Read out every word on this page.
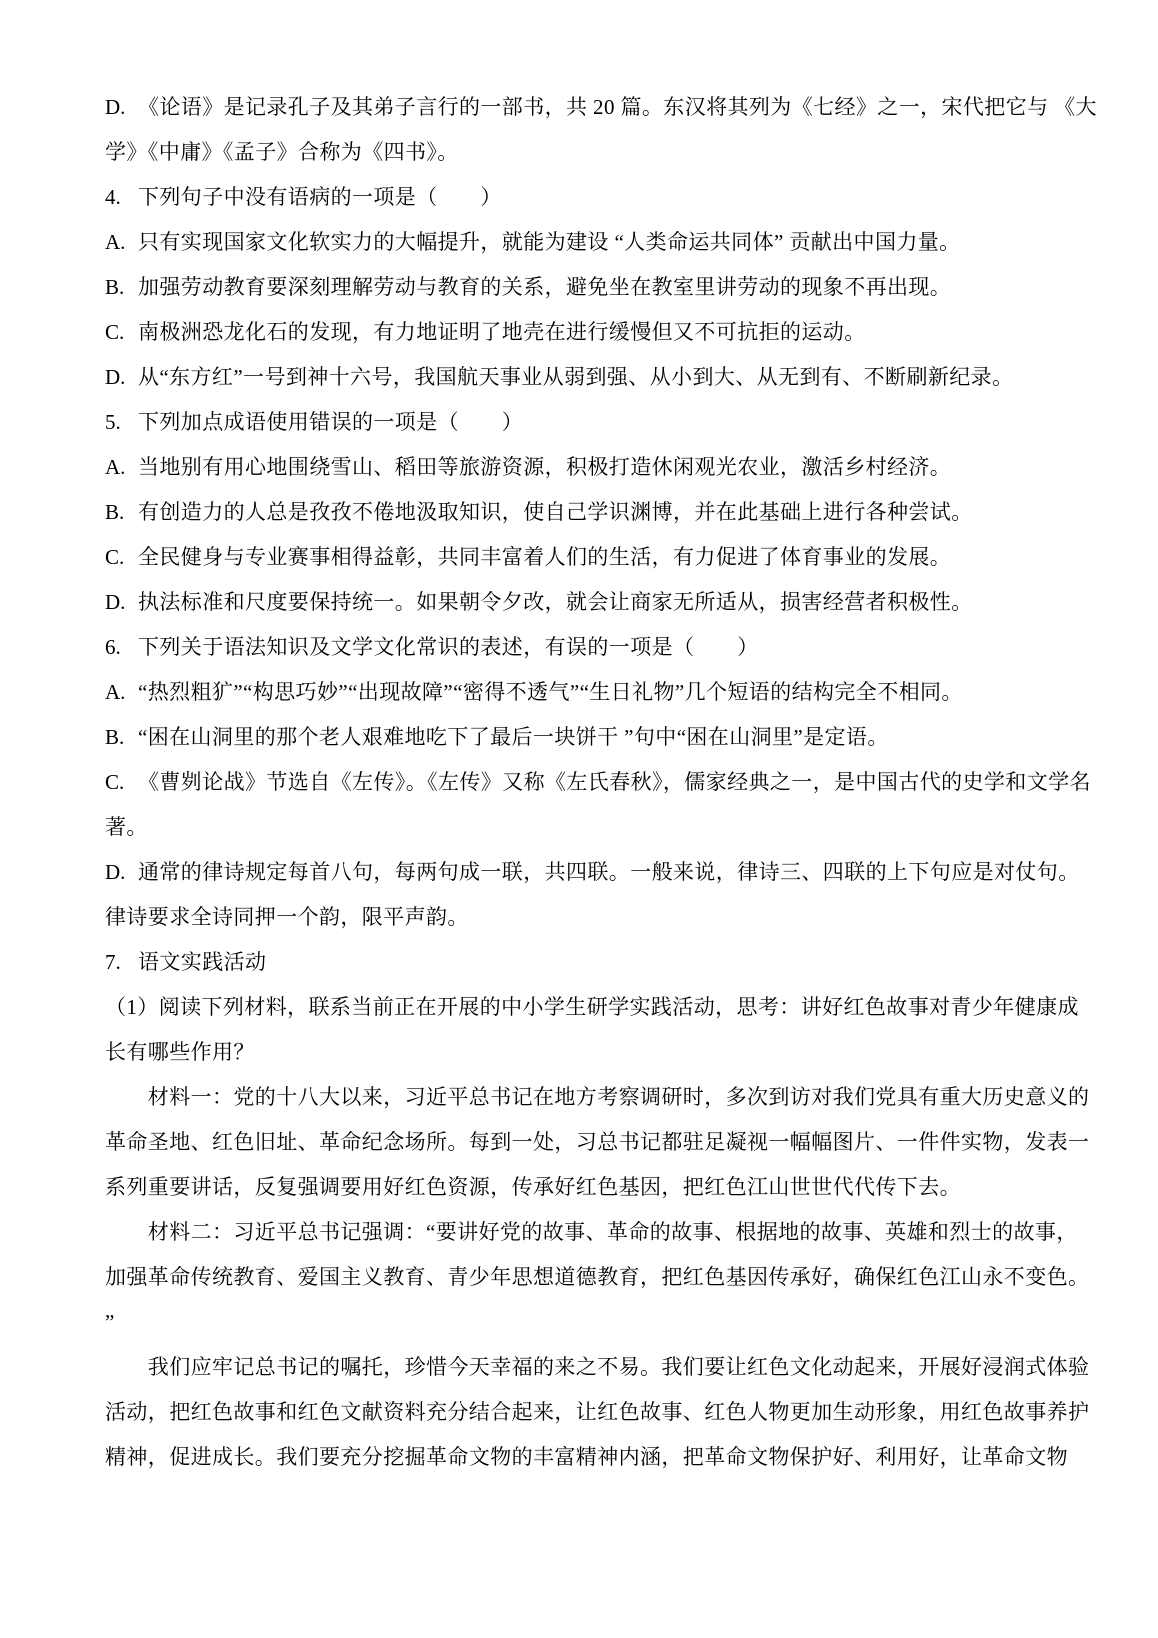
D. 《论语》是记录孔子及其弟子言行的一部书，共 20 篇。东汉将其列为《七经》之一，宋代把它与 《大
学》《中庸》《孟子》合称为《四书》。
4. 下列句子中没有语病的一项是（　　）
A. 只有实现国家文化软实力的大幅提升，就能为建设 “人类命运共同体” 贡献出中国力量。
B. 加强劳动教育要深刻理解劳动与教育的关系，避免坐在教室里讲劳动的现象不再出现。
C. 南极洲恐龙化石的发现，有力地证明了地壳在进行缓慢但又不可抗拒的运动。
D. 从“东方红”一号到神十六号，我国航天事业从弱到强、从小到大、从无到有、不断刷新纪录。
5. 下列加点成语使用错误的一项是（　　）
A. 当地别有用心地围绕雪山、稻田等旅游资源，积极打造休闲观光农业，激活乡村经济。
B. 有创造力的人总是孜孜不倦地汲取知识，使自己学识渊博，并在此基础上进行各种尝试。
C. 全民健身与专业赛事相得益彰，共同丰富着人们的生活，有力促进了体育事业的发展。
D. 执法标准和尺度要保持统一。如果朝令夕改，就会让商家无所适从，损害经营者积极性。
6. 下列关于语法知识及文学文化常识的表述，有误的一项是（　　）
A. “热烈粗犷”“构思巧妙”“出现故障”“密得不透气”“生日礼物”几个短语的结构完全不相同。
B. “困在山洞里的那个老人艰难地吃下了最后一块饼干 ”句中“困在山洞里”是定语。
C. 《曹刿论战》节选自《左传》。《左传》又称《左氏春秋》，儒家经典之一，是中国古代的史学和文学名
著。
D. 通常的律诗规定每首八句，每两句成一联，共四联。一般来说，律诗三、四联的上下句应是对仗句。
律诗要求全诗同押一个韵，限平声韵。
7. 语文实践活动
（1）阅读下列材料，联系当前正在开展的中小学生研学实践活动，思考：讲好红色故事对青少年健康成
长有哪些作用？
　　材料一：党的十八大以来，习近平总书记在地方考察调研时，多次到访对我们党具有重大历史意义的
革命圣地、红色旧址、革命纪念场所。每到一处，习总书记都驻足凝视一幅幅图片、一件件实物，发表一
系列重要讲话，反复强调要用好红色资源，传承好红色基因，把红色江山世世代代传下去。
　　材料二：习近平总书记强调：“要讲好党的故事、革命的故事、根据地的故事、英雄和烈士的故事，
加强革命传统教育、爱国主义教育、青少年思想道德教育，把红色基因传承好，确保红色江山永不变色。
”
　　我们应牢记总书记的嘱托，珍惜今天幸福的来之不易。我们要让红色文化动起来，开展好浸润式体验
活动，把红色故事和红色文献资料充分结合起来，让红色故事、红色人物更加生动形象，用红色故事养护
精神，促进成长。我们要充分挖掘革命文物的丰富精神内涵，把革命文物保护好、利用好，让革命文物
